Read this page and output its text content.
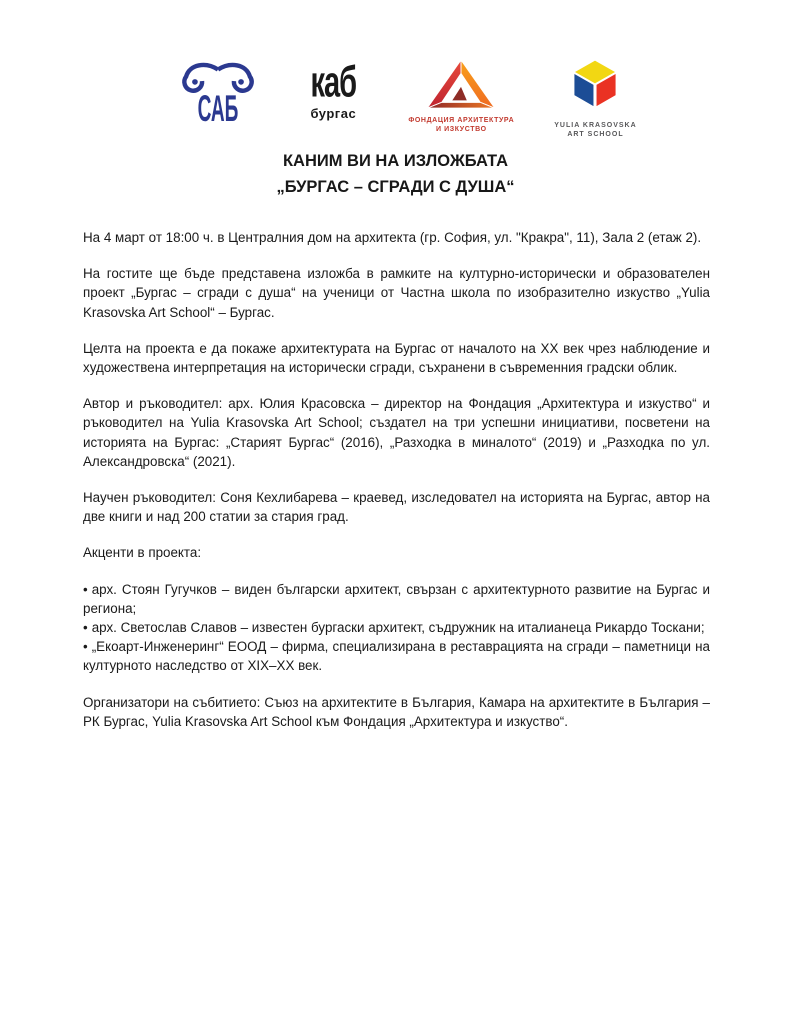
САБ
каб
бургас	ФОНДАЦИЯ АРХИТЕКТУРА
И ИЗКУСТВО
YULIA KRASOVSKA
ART SCHOOL
КАНИМ ВИ НА ИЗЛОЖБАТА
„БУРГАС – СГРАДИ С ДУША“

На 4 март от 18:00 ч. в Централния дом на архитекта (гр. София, ул. "Кракра", 11), Зала 2 (етаж 2).

На гостите ще бъде представена изложба в рамките на културно-исторически и образователен проект „Бургас – сгради с душа“ на ученици от Частна школа по изобразително изкуство „Yulia Krasovska Art School“ – Бургас.

Целта на проекта е да покаже архитектурата на Бургас от началото на ХХ век чрез наблюдение и художествена интерпретация на исторически сгради, съхранени в съвременния градски облик.

Автор и ръководител: арх. Юлия Красовска – директор на Фондация „Архитектура и изкуство“ и ръководител на Yulia Krasovska Art School; създател на три успешни инициативи, посветени на историята на Бургас: „Старият Бургас“ (2016), „Разходка в миналото“ (2019) и „Разходка по ул. Александровска“ (2021).

Научен ръководител: Соня Кехлибарева – краевед, изследовател на историята на Бургас, автор на две книги и над 200 статии за стария град.

Акценти в проекта:

• арх. Стоян Гугучков – виден български архитект, свързан с архитектурното развитие на Бургас и региона;

• арх. Светослав Славов – известен бургаски архитект, съдружник на италианеца Рикардо Тоскани;

• „Екоарт-Инженеринг“ ЕООД – фирма, специализирана в реставрацията на сгради – паметници на културното наследство от XIX–XX век.

Организатори на събитието: Съюз на архитектите в България, Камара на архитектите в България – РК Бургас, Yulia Krasovska Art School към Фондация „Архитектура и изкуство“.
